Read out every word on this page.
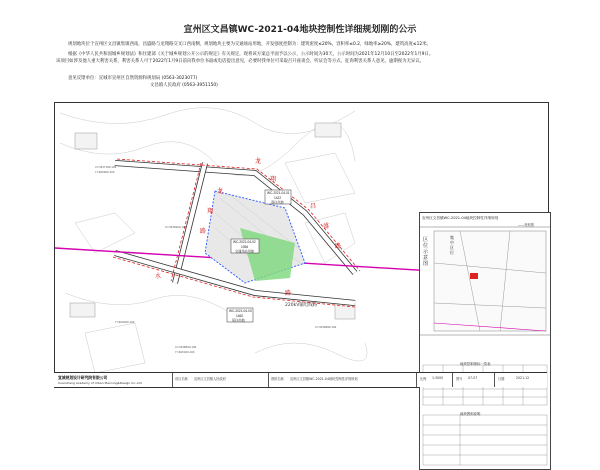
宣州区文昌镇WC-2021-04地块控制性详细规划刚的公示
规划地块位于宣州区文昌镇集镇西南，昌盛路与龙翔路交叉口西南侧，规划地块主要为交通场站用地，开发强度控制为：建筑密度≤20%，容积率≤0.2，绿地率≥20%，建筑高度≤12米。
根据《中华人民共和国城乡规划法》和住建部《关于城乡规划公开公示的规定》有关规定，现将该方案总平面予以公示，公示时间为30天，公示时间为2021年12月10日至2022年1月9日。
该项目如涉及他人重大利害关系，利害关系人可于2022年1月9日前向我单位书面或电话提出意见，必要时我单位可采取召开座谈会、听证会等方式，征询利害关系人意见，逾期视为无异议。
意见反馈单位：宣城市宣州区自然资源和规划局 (0563-3023077)
文昌镇人民政府 (0563-3951150)
龙
翔
昌
盛
路
龙
翔
路
水
路
220kV输电线路
WC-2021-04-01
1422
商住用地
WC-2021-04-02
1056
交通场站用地
WC-2021-04-03
1460
居住用地
X=3437180.100
Y=460000.100
X=3436900.100
X=3436800.100
Y=460100.100
X=3436880.100
Y=460020.100
宣州区文昌镇WC-2021-04地块控制性详细规划
——规划图
区位示意图
集
中
区
位
地块控制指标一览表
地块图则说明
宣城规划设计研究院有限公司
Xuancheng Academy of Urban Planning&Design Co.,Ltd
项目名称 宣州区文昌镇人民政府	图纸名称 宣州区文昌镇WC-2021-04地块控制性详细规划	比例 1:3000	图号 07-07	日期	2021.12
